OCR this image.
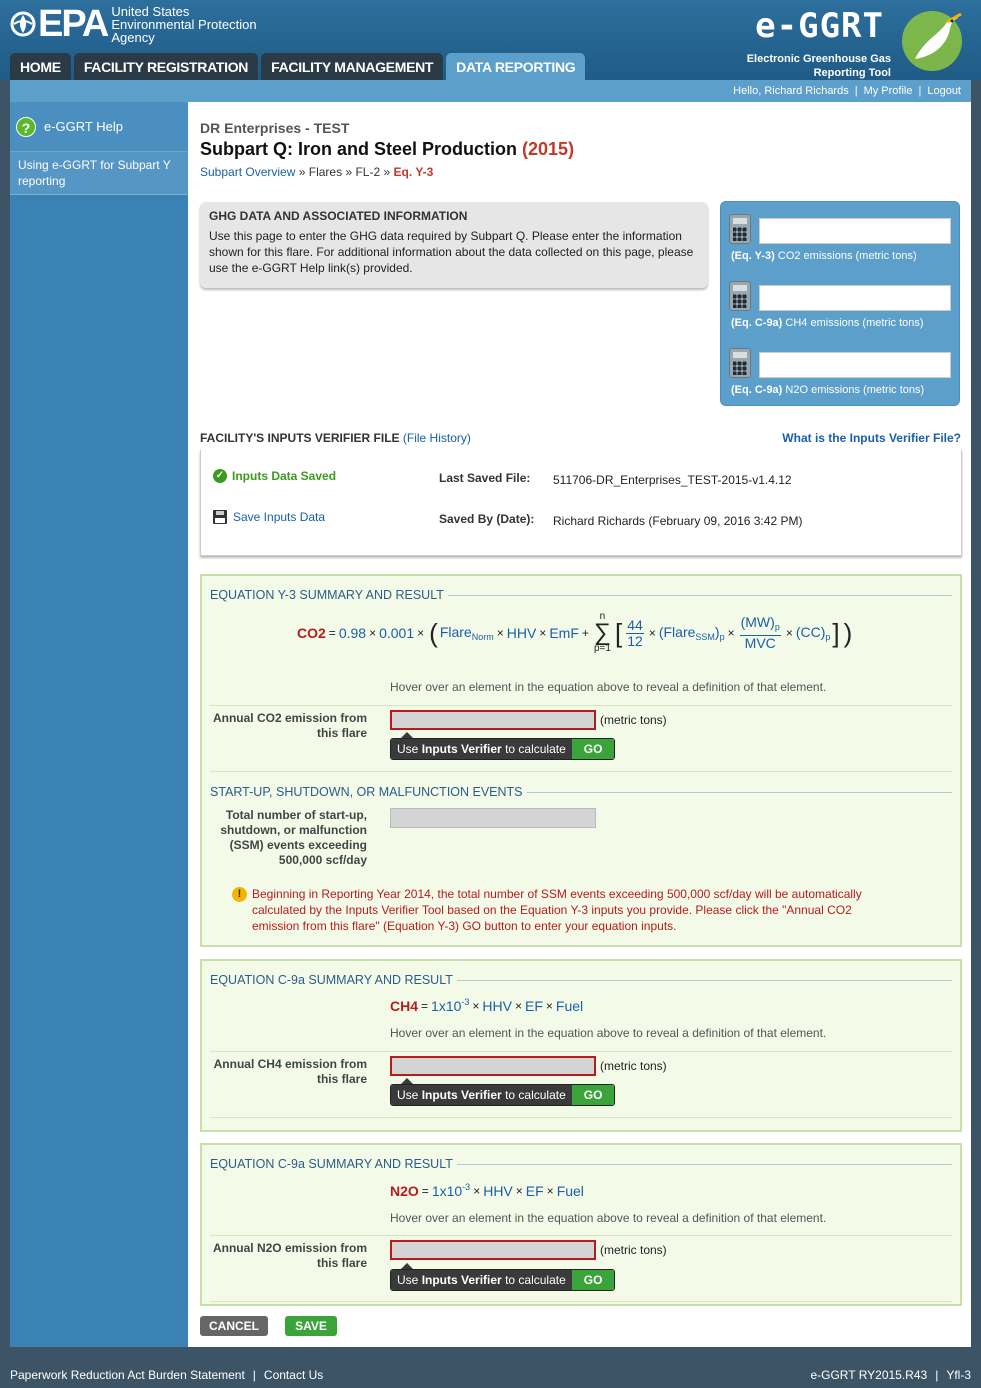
EPA United States
Environmental Protection
Agency
HOME	FACILITY REGISTRATION	FACILITY MANAGEMENT	DATA REPORTING
e-GGRT
Electronic Greenhouse Gas
Reporting Tool
Hello, Richard Richards | My Profile | Logout
?	e-GGRT Help
Using e-GGRT for Subpart Y reporting
DR Enterprises - TEST
Subpart Q: Iron and Steel Production (2015)
Subpart Overview » Flares » FL-2 » Eq. Y-3
GHG DATA AND ASSOCIATED INFORMATION

Use this page to enter the GHG data required by Subpart Q. Please enter the information shown for this flare. For additional information about the data collected on this page, please use the e-GGRT Help link(s) provided.

(Eq. Y-3) CO2 emissions (metric tons)
(Eq. C-9a) CH4 emissions (metric tons)
(Eq. C-9a) N2O emissions (metric tons)
FACILITY'S INPUTS VERIFIER FILE (File History)	What is the Inputs Verifier File?
✓ Inputs Data Saved
Save Inputs Data
Last Saved File: 511706-DR_Enterprises_TEST-2015-v1.4.12
Saved By (Date): Richard Richards (February 09, 2016 3:42 PM)
EQUATION Y-3 SUMMARY AND RESULT
CO2 = 0.98 × 0.001 × ( Flare$_{Norm}$ × HHV × EmF +
n
∑
p=1
[ $\frac{44}{12}$ × $(Flare_{SSM})_p \times \frac{(MW)_p}{\text{MVC}} \times (CC)_p$ ] )
Hover over an element in the equation above to reveal a definition of that element.
Annual CO2 emission from this flare
(metric tons)
Use Inputs Verifier to calculate	GO
START-UP, SHUTDOWN, OR MALFUNCTION EVENTS
Total number of start-up, shutdown, or malfunction (SSM) events exceeding 500,000 scf/day
! Beginning in Reporting Year 2014, the total number of SSM events exceeding 500,000 scf/day will be automatically calculated by the Inputs Verifier Tool based on the Equation Y-3 inputs you provide. Please click the "Annual CO2 emission from this flare" (Equation Y-3) GO button to enter your equation inputs.
EQUATION C-9a SUMMARY AND RESULT
$CH4 = 1x10^{-3}$ × HHV × EF × Fuel
Hover over an element in the equation above to reveal a definition of that element.
Annual CH4 emission from this flare
(metric tons)
Use Inputs Verifier to calculate	GO
EQUATION C-9a SUMMARY AND RESULT
$N2O = 1x10^{-3}$ × HHV × EF × Fuel
Hover over an element in the equation above to reveal a definition of that element.
Annual N2O emission from this flare
(metric tons)
Use Inputs Verifier to calculate	GO
CANCEL	SAVE
Paperwork Reduction Act Burden Statement | Contact Us	e-GGRT RY2015.R43 | Yfl-3
